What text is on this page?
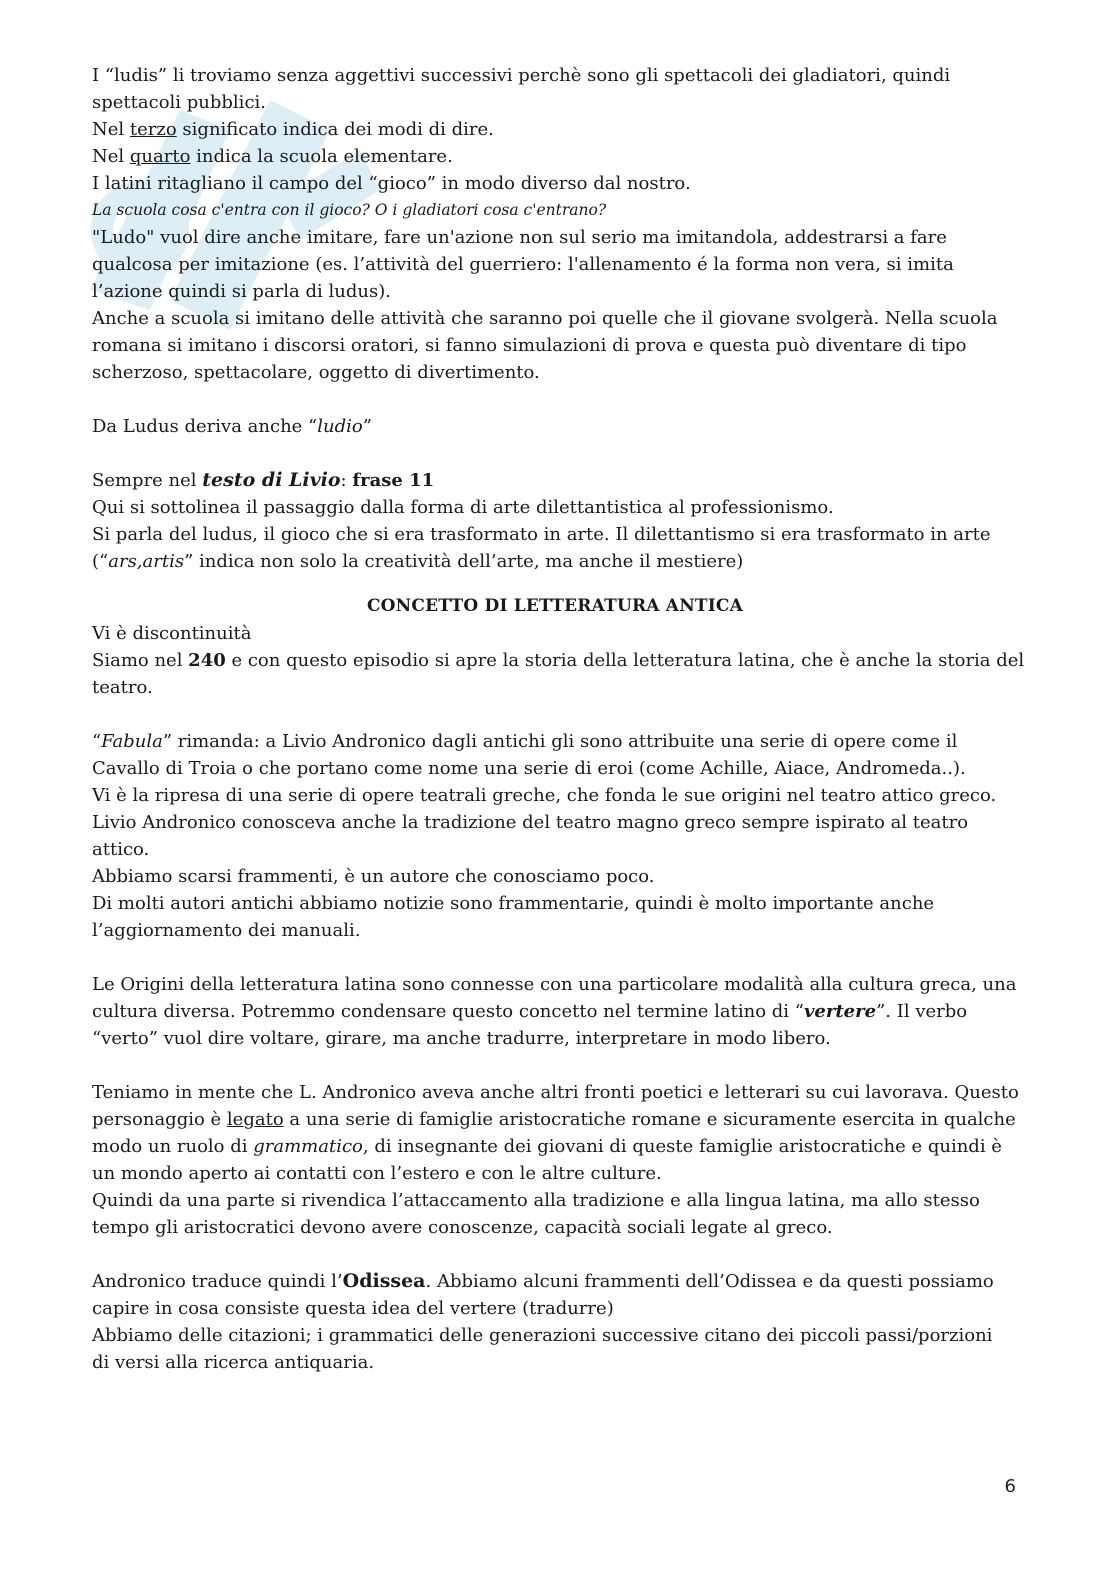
I “ludis” li troviamo senza aggettivi successivi perchè sono gli spettacoli dei gladiatori, quindi
spettacoli pubblici.
Nel terzo significato indica dei modi di dire.
Nel quarto indica la scuola elementare.
I latini ritagliano il campo del “gioco” in modo diverso dal nostro.
La scuola cosa c'entra con il gioco? O i gladiatori cosa c'entrano?
"Ludo" vuol dire anche imitare, fare un'azione non sul serio ma imitandola, addestrarsi a fare
qualcosa per imitazione (es. l’attività del guerriero: l'allenamento é la forma non vera, si imita
l’azione quindi si parla di ludus).
Anche a scuola si imitano delle attività che saranno poi quelle che il giovane svolgerà. Nella scuola
romana si imitano i discorsi oratori, si fanno simulazioni di prova e questa può diventare di tipo
scherzoso, spettacolare, oggetto di divertimento.
Da Ludus deriva anche “ludio”
Sempre nel testo di Livio: frase 11
Qui si sottolinea il passaggio dalla forma di arte dilettantistica al professionismo.
Si parla del ludus, il gioco che si era trasformato in arte. Il dilettantismo si era trasformato in arte
(“ars,artis” indica non solo la creatività dell’arte, ma anche il mestiere)
CONCETTO DI LETTERATURA ANTICA
Vi è discontinuità
Siamo nel 240 e con questo episodio si apre la storia della letteratura latina, che è anche la storia del
teatro.
“Fabula” rimanda: a Livio Andronico dagli antichi gli sono attribuite una serie di opere come il
Cavallo di Troia o che portano come nome una serie di eroi (come Achille, Aiace, Andromeda..).
Vi è la ripresa di una serie di opere teatrali greche, che fonda le sue origini nel teatro attico greco.
Livio Andronico conosceva anche la tradizione del teatro magno greco sempre ispirato al teatro
attico.
Abbiamo scarsi frammenti, è un autore che conosciamo poco.
Di molti autori antichi abbiamo notizie sono frammentarie, quindi è molto importante anche
l’aggiornamento dei manuali.
Le Origini della letteratura latina sono connesse con una particolare modalità alla cultura greca, una
cultura diversa. Potremmo condensare questo concetto nel termine latino di “vertere”. Il verbo
“verto” vuol dire voltare, girare, ma anche tradurre, interpretare in modo libero.
Teniamo in mente che L. Andronico aveva anche altri fronti poetici e letterari su cui lavorava. Questo
personaggio è legato a una serie di famiglie aristocratiche romane e sicuramente esercita in qualche
modo un ruolo di grammatico, di insegnante dei giovani di queste famiglie aristocratiche e quindi è
un mondo aperto ai contatti con l’estero e con le altre culture.
Quindi da una parte si rivendica l’attaccamento alla tradizione e alla lingua latina, ma allo stesso
tempo gli aristocratici devono avere conoscenze, capacità sociali legate al greco.
Andronico traduce quindi l’Odissea. Abbiamo alcuni frammenti dell’Odissea e da questi possiamo
capire in cosa consiste questa idea del vertere (tradurre)
Abbiamo delle citazioni; i grammatici delle generazioni successive citano dei piccoli passi/porzioni
di versi alla ricerca antiquaria.
6
